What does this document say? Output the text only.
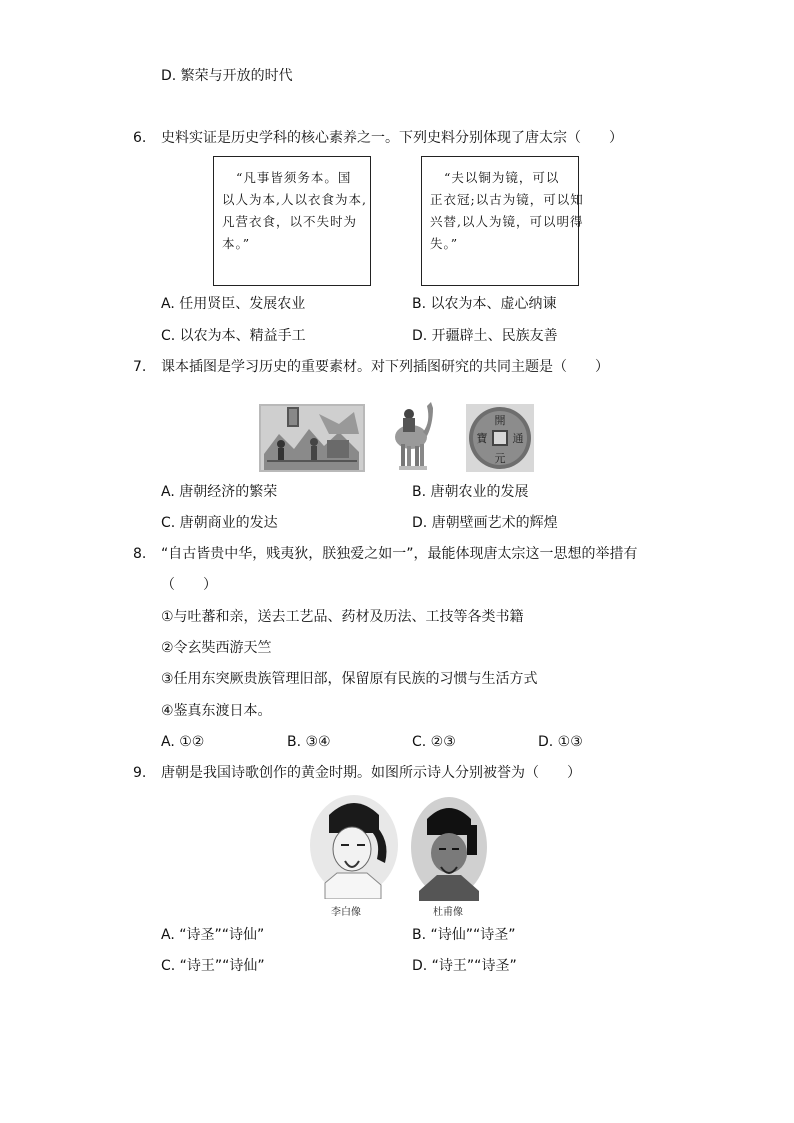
D. 繁荣与开放的时代
6. 史料实证是历史学科的核心素养之一。下列史料分别体现了唐太宗（　　）
“凡事皆须务本。国
以人为本,人以衣食为本,
凡营衣食，以不失时为
本。”
“夫以铜为镜，可以
正衣冠;以古为镜，可以知
兴替,以人为镜，可以明得
失。”
A. 任用贤臣、发展农业	B. 以农为本、虚心纳谏
C. 以农为本、精益手工	D. 开疆辟土、民族友善
7. 课本插图是学习历史的重要素材。对下列插图研究的共同主题是（　　）
開
通
元
寶
A. 唐朝经济的繁荣	B. 唐朝农业的发展
C. 唐朝商业的发达	D. 唐朝壁画艺术的辉煌
8. “自古皆贵中华，贱夷狄，朕独爱之如一”，最能体现唐太宗这一思想的举措有
（　　）
①与吐蕃和亲，送去工艺品、药材及历法、工技等各类书籍
②令玄奘西游天竺
③任用东突厥贵族管理旧部，保留原有民族的习惯与生活方式
④鉴真东渡日本。
A. ①②	B. ③④	C. ②③	D. ①③
9. 唐朝是我国诗歌创作的黄金时期。如图所示诗人分别被誉为（　　）
李白像	杜甫像
A. “诗圣”“诗仙”	B. “诗仙”“诗圣”
C. “诗王”“诗仙”	D. “诗王”“诗圣”
